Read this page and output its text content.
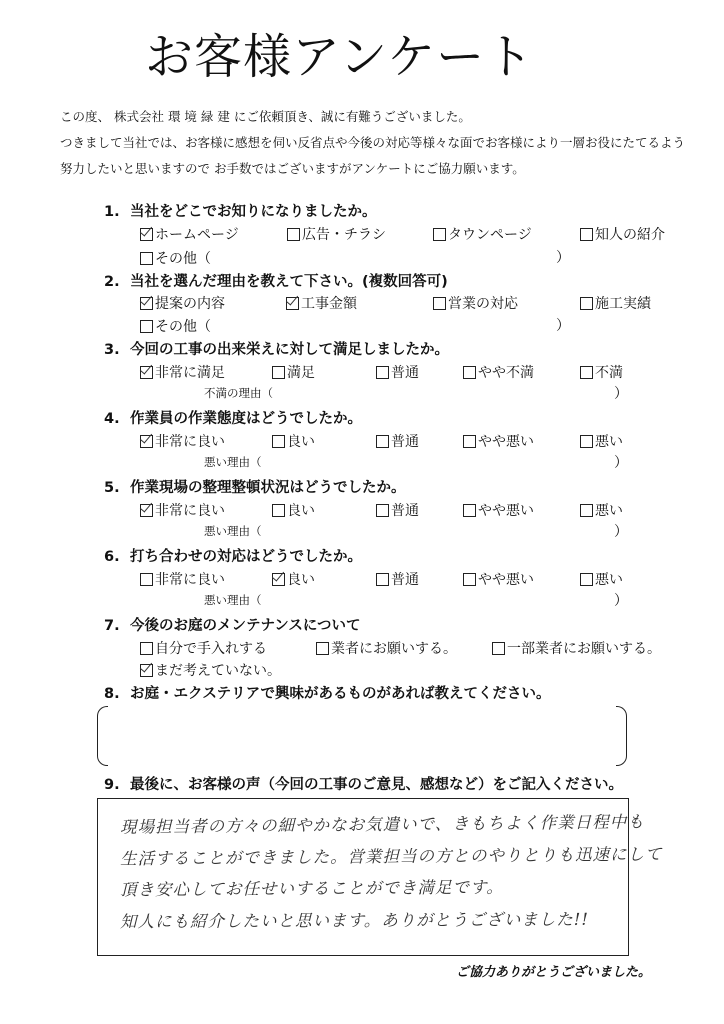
お客様アンケート
この度、 株式会社 環 境 緑 建 にご依頼頂き、誠に有難うございました。
つきまして当社では、お客様に感想を伺い反省点や今後の対応等様々な面でお客様により一層お役にたてるよう
努力したいと思いますので お手数ではございますがアンケートにご協力願います。
1. 当社をどこでお知りになりましたか。
ホームページ	広告・チラシ	タウンページ	知人の紹介
その他（	）
2. 当社を選んだ理由を教えて下さい。(複数回答可)
提案の内容	工事金額	営業の対応	施工実績
その他（	）
3. 今回の工事の出来栄えに対して満足しましたか。
非常に満足	満足	普通	やや不満	不満
不満の理由（	）
4. 作業員の作業態度はどうでしたか。
非常に良い	良い	普通	やや悪い	悪い
悪い理由（	）
5. 作業現場の整理整頓状況はどうでしたか。
非常に良い	良い	普通	やや悪い	悪い
悪い理由（	）
6. 打ち合わせの対応はどうでしたか。
非常に良い	良い	普通	やや悪い	悪い
悪い理由（	）
7. 今後のお庭のメンテナンスについて
自分で手入れする	業者にお願いする。	一部業者にお願いする。
まだ考えていない。
8. お庭・エクステリアで興味があるものがあれば教えてください。
9. 最後に、お客様の声（今回の工事のご意見、感想など）をご記入ください。
現場担当者の方々の細やかなお気遣いで、きもちよく作業日程中も
生活することができました。営業担当の方とのやりとりも迅速にして
頂き安心してお任せいすることができ満足です。
知人にも紹介したいと思います。ありがとうございました!!
ご協力ありがとうございました。
